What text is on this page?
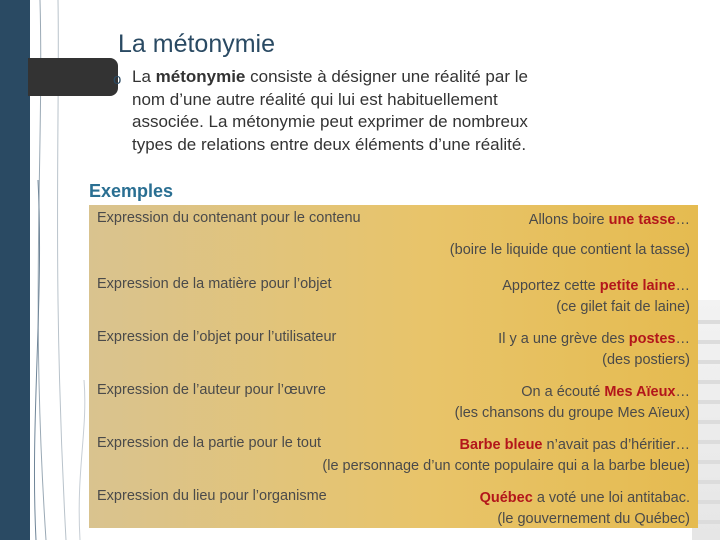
La métonymie
o La métonymie consiste à désigner une réalité par le nom d’une autre réalité qui lui est habituellement associée. La métonymie peut exprimer de nombreux types de relations entre deux éléments d’une réalité.
Exemples
Expression du contenant pour le contenu	Allons boire une tasse…
(boire le liquide que contient la tasse)
Expression de la matière pour l’objet	Apportez cette petite laine…
(ce gilet fait de laine)
Expression de l’objet pour l’utilisateur	Il y a une grève des postes…
(des postiers)
Expression de l’auteur pour l’œuvre	On a écouté Mes Aïeux…
(les chansons du groupe Mes Aïeux)
Expression de la partie pour le tout	Barbe bleue n’avait pas d’héritier…
(le personnage d’un conte populaire qui a la barbe bleue)
Expression du lieu pour l’organisme	Québec a voté une loi antitabac.
(le gouvernement du Québec)
